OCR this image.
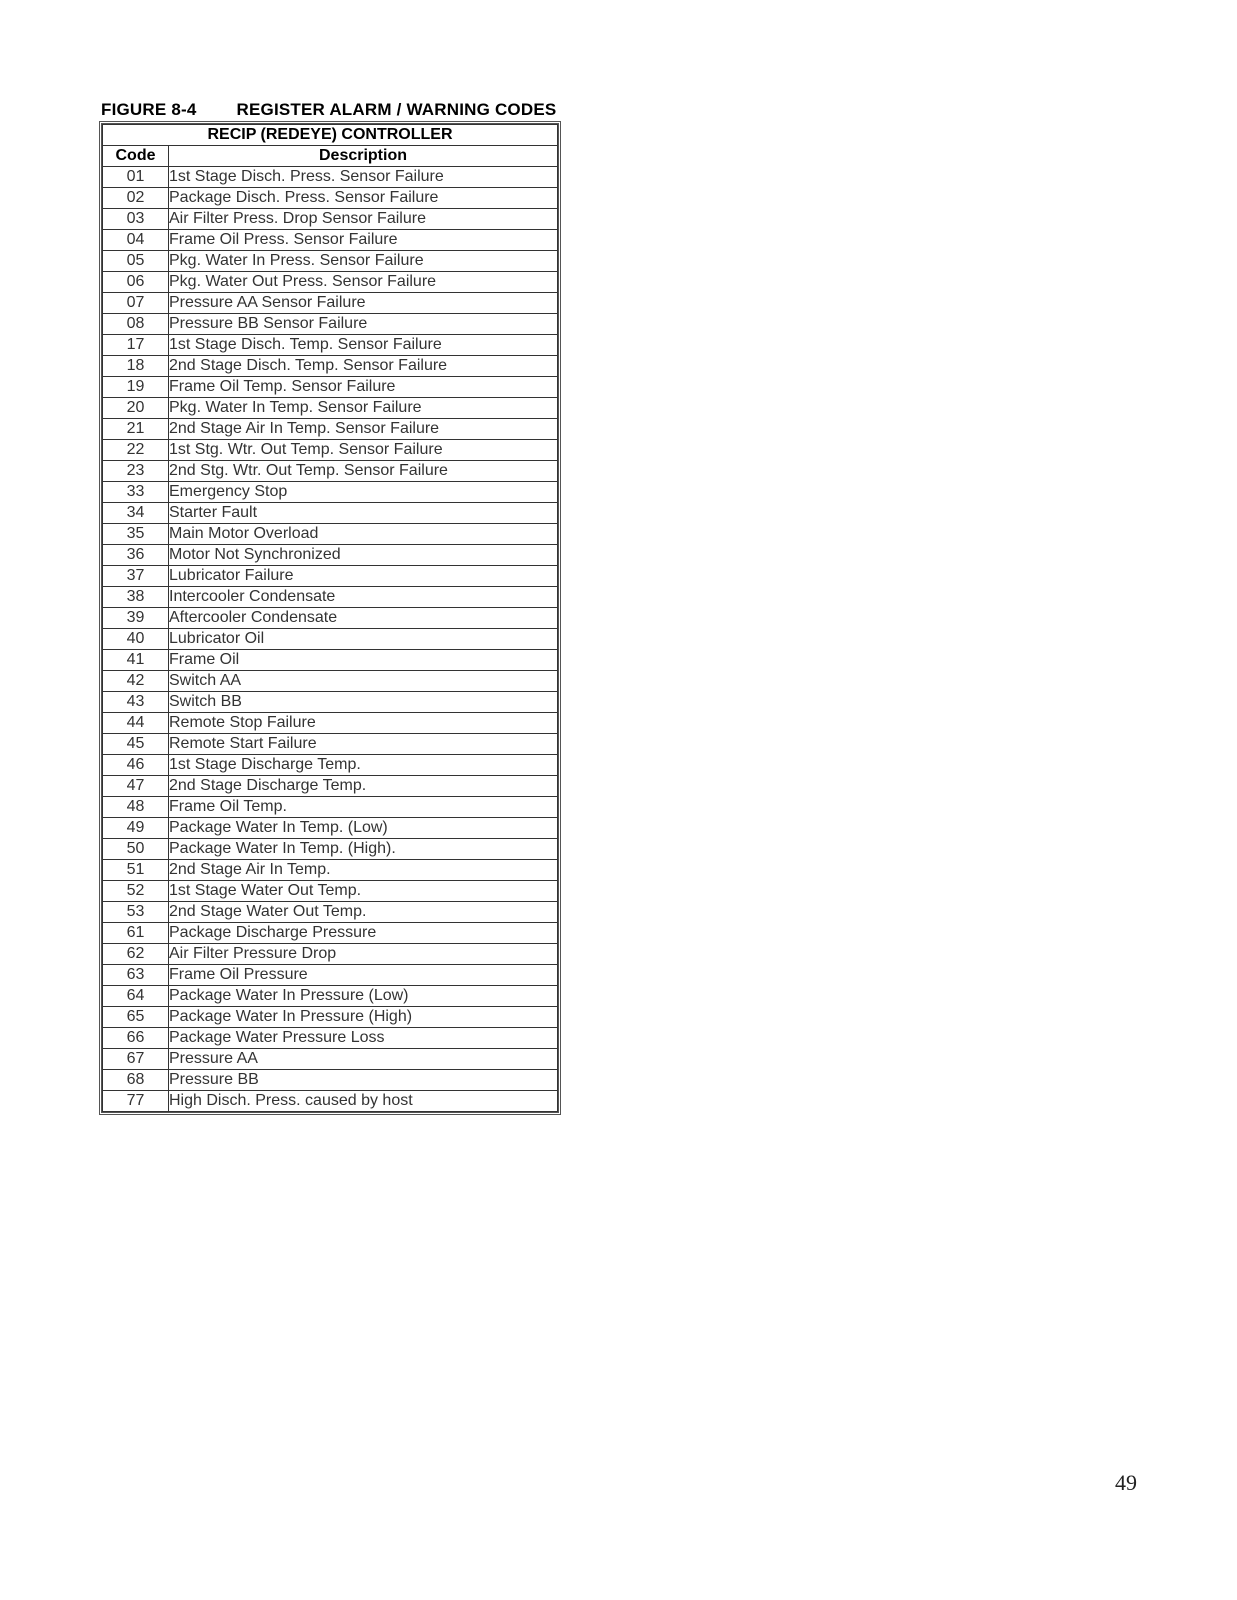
FIGURE 8-4 REGISTER ALARM / WARNING CODES
RECIP (REDEYE) CONTROLLER	
Code	Description
01	1st Stage Disch. Press. Sensor Failure
02	Package Disch. Press. Sensor Failure
03	Air Filter Press. Drop Sensor Failure
04	Frame Oil Press. Sensor Failure
05	Pkg. Water In Press. Sensor Failure
06	Pkg. Water Out Press. Sensor Failure
07	Pressure AA Sensor Failure
08	Pressure BB Sensor Failure
17	1st Stage Disch. Temp. Sensor Failure
18	2nd Stage Disch. Temp. Sensor Failure
19	Frame Oil Temp. Sensor Failure
20	Pkg. Water In Temp. Sensor Failure
21	2nd Stage Air In Temp. Sensor Failure
22	1st Stg. Wtr. Out Temp. Sensor Failure
23	2nd Stg. Wtr. Out Temp. Sensor Failure
33	Emergency Stop
34	Starter Fault
35	Main Motor Overload
36	Motor Not Synchronized
37	Lubricator Failure
38	Intercooler Condensate
39	Aftercooler Condensate
40	Lubricator Oil
41	Frame Oil
42	Switch AA
43	Switch BB
44	Remote Stop Failure
45	Remote Start Failure
46	1st Stage Discharge Temp.
47	2nd Stage Discharge Temp.
48	Frame Oil Temp.
49	Package Water In Temp. (Low)
50	Package Water In Temp. (High).
51	2nd Stage Air In Temp.
52	1st Stage Water Out Temp.
53	2nd Stage Water Out Temp.
61	Package Discharge Pressure
62	Air Filter Pressure Drop
63	Frame Oil Pressure
64	Package Water In Pressure (Low)
65	Package Water In Pressure (High)
66	Package Water Pressure Loss
67	Pressure AA
68	Pressure BB
77	High Disch. Press. caused by host
49
